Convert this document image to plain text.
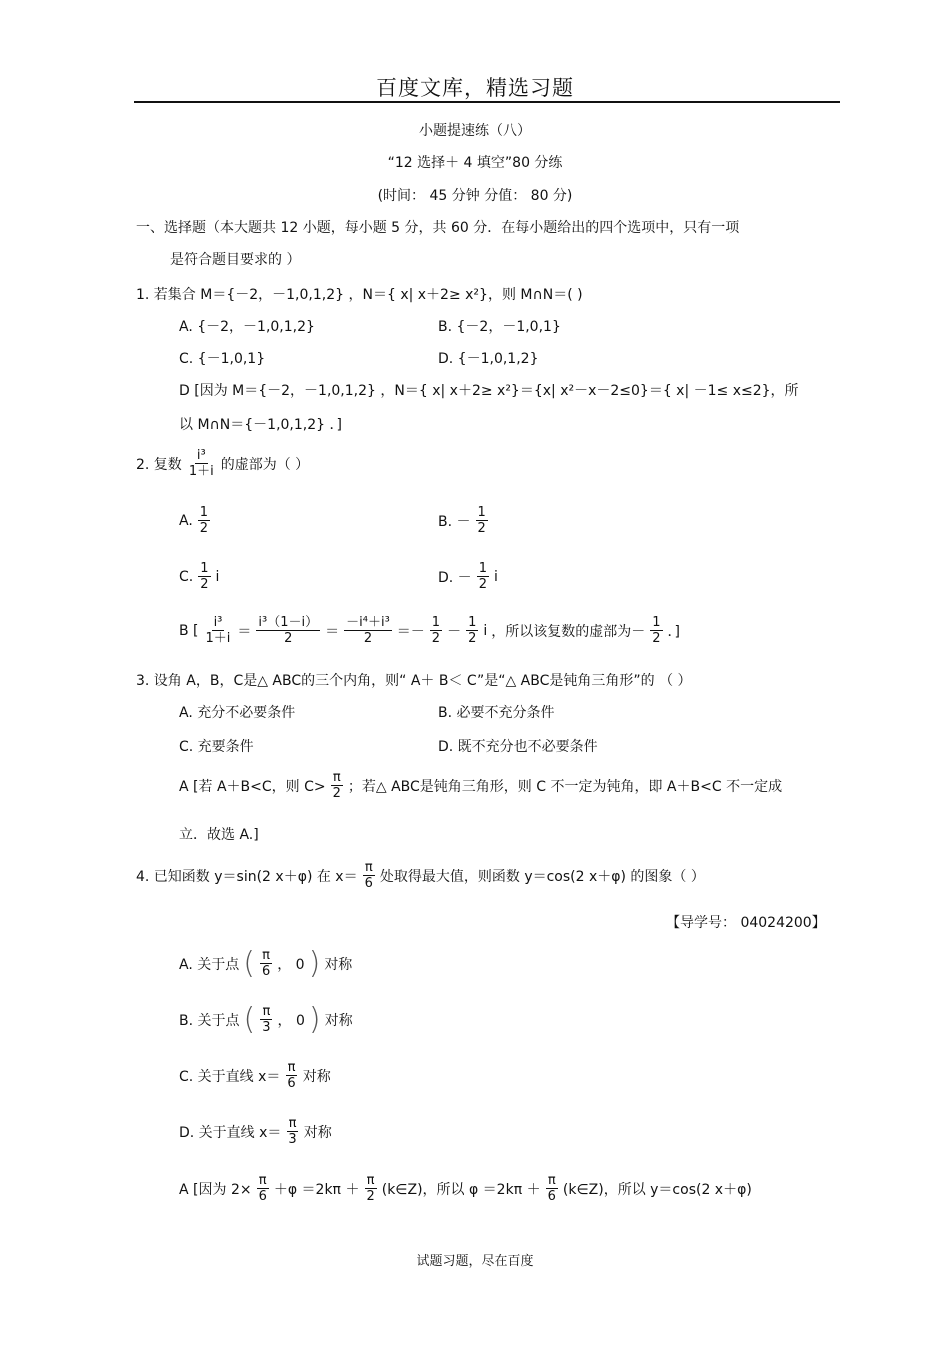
百度文库，精选习题
小题提速练（八）
“12 选择＋ 4 填空”80 分练
(时间： 45 分钟 分值： 80 分)
一、选择题（本大题共 12 小题，每小题 5 分，共 60 分．在每小题给出的四个选项中，只有一项
是符合题目要求的 ）
1. 若集合 M＝{－2，－1,0,1,2} ，N＝{ x| x＋2≥ x²}，则 M∩N＝( )
A. {－2，－1,0,1,2}	B. {－2，－1,0,1}
C. {－1,0,1}	D. {－1,0,1,2}
D [因为 M＝{－2，－1,0,1,2} ，N＝{ x| x＋2≥ x²}＝{x| x²－x－2≤0}＝{ x| －1≤ x≤2}，所
以 M∩N＝{－1,0,1,2} ．]
2. 复数 $\frac{\text{i³}}{1+i}$ 的虚部为（ ）
A. $\frac{1}{2}$	B. － $\frac{1}{2}$
C. $\frac{1}{2}$ i	D. － $\frac{1}{2}$ i
B [ $\frac{\text{i³}}{1+i} = \frac{\text{i³（1－i）}}{2} = \frac{\text{－i⁴＋i³}}{2} =- \frac{1}{2} - \frac{1}{2}$ i ，所以该复数的虚部为－ $\frac{1}{2}$ ．]
3. 设角 A，B，C是△ ABC的三个内角，则“ A＋ B＜ C”是“△ ABC是钝角三角形”的 （ ）
A. 充分不必要条件	B. 必要不充分条件
C. 充要条件	D. 既不充分也不必要条件
A [若 A＋B<C，则 $C> \frac{\pi}{2}$ ；若△ ABC是钝角三角形，则 C 不一定为钝角，即 A＋B<C 不一定成
立．故选 A.]
4. 已知函数 y＝sin(2 x＋φ) 在 $x= \frac{\pi}{6}$ 处取得最大值，则函数 y＝cos(2 x＋φ) 的图象（ ）
【导学号： 04024200】
A. 关于点 ( $\frac{\pi}{6}$ ， 0 ) 对称
B. 关于点 ( $\frac{\pi}{3}$ ， 0 ) 对称
C. 关于直线 $x= \frac{\pi}{6}$ 对称
D. 关于直线 $x= \frac{\pi}{3}$ 对称
A [因为 $2\times \frac{\pi}{6} +\varphi =2k\pi + \frac{\pi}{2}$ (k∈Z)，所以 $\varphi =2k\pi + \frac{\pi}{6}$ (k∈Z)，所以 y＝cos(2 x＋φ)
试题习题，尽在百度
